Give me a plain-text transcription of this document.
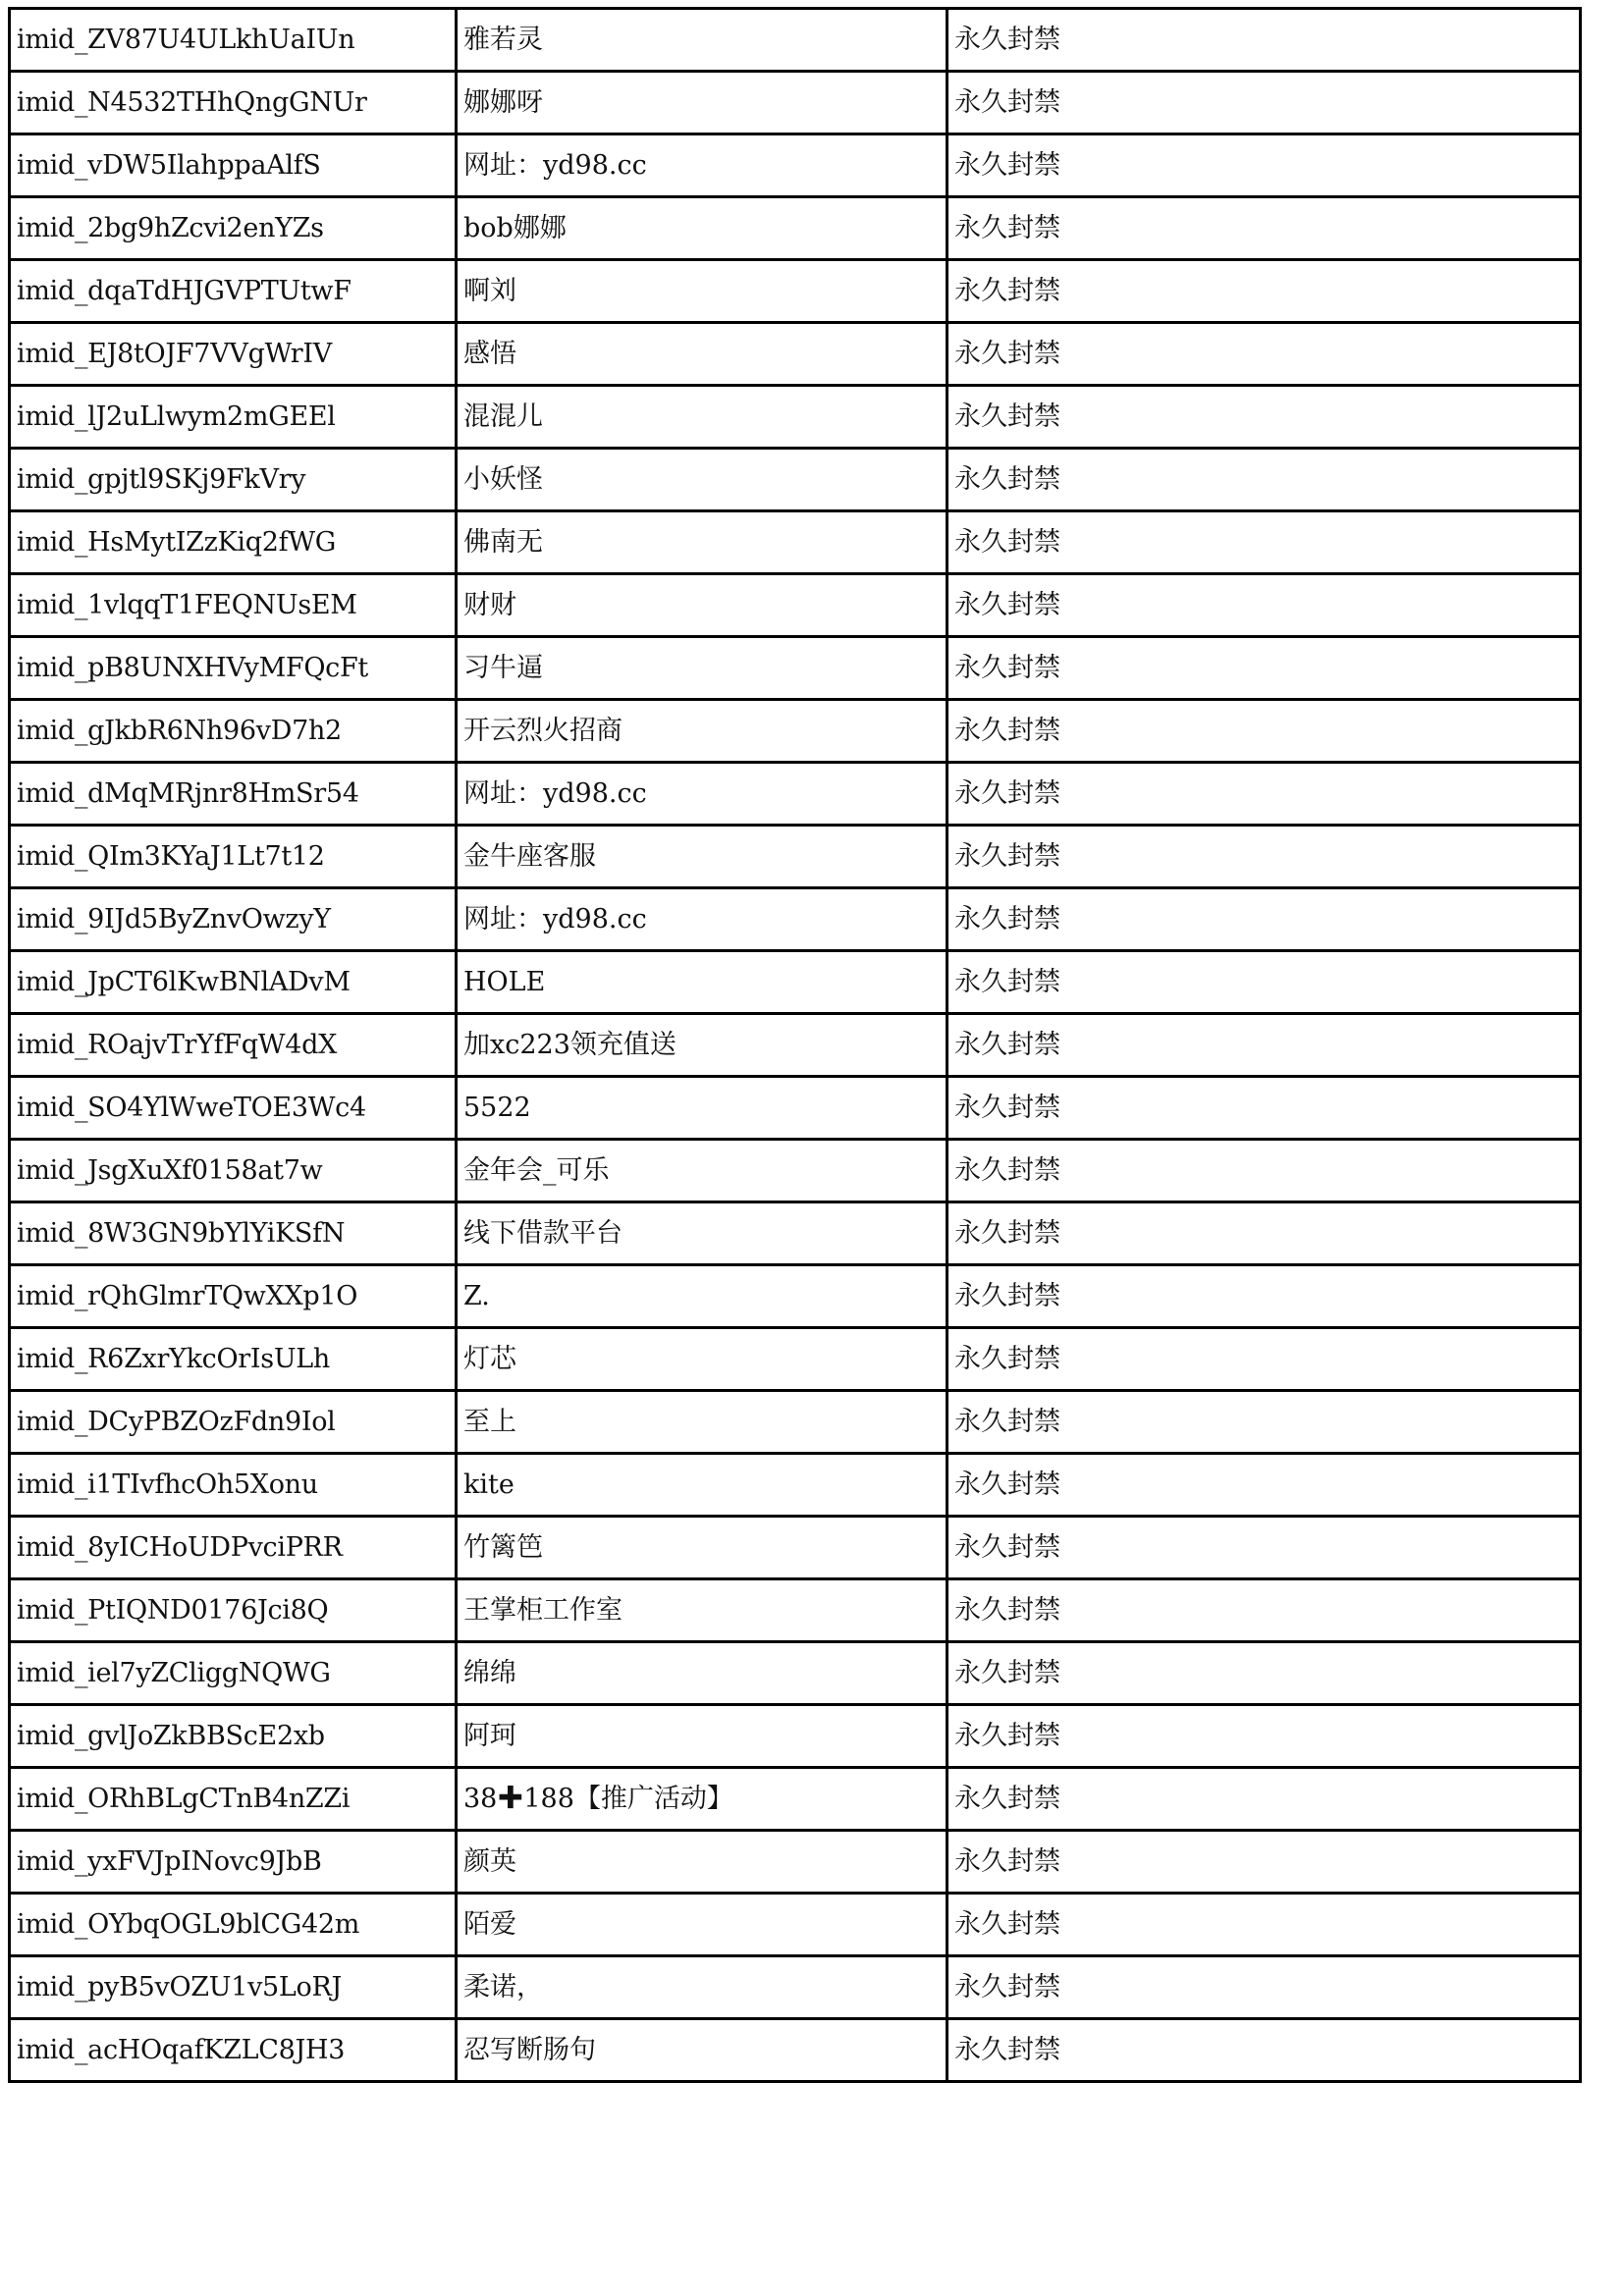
imid_ZV87U4ULkhUaIUn	雅若灵	永久封禁
imid_N4532THhQngGNUr	娜娜呀	永久封禁
imid_vDW5IlahppaAlfS	网址：yd98.cc	永久封禁
imid_2bg9hZcvi2enYZs	bob娜娜	永久封禁
imid_dqaTdHJGVPTUtwF	啊刘	永久封禁
imid_EJ8tOJF7VVgWrIV	感悟	永久封禁
imid_lJ2uLlwym2mGEEl	混混儿	永久封禁
imid_gpjtl9SKj9FkVry	小妖怪	永久封禁
imid_HsMytIZzKiq2fWG	佛南无	永久封禁
imid_1vlqqT1FEQNUsEM	财财	永久封禁
imid_pB8UNXHVyMFQcFt	习牛逼	永久封禁
imid_gJkbR6Nh96vD7h2	开云烈火招商	永久封禁
imid_dMqMRjnr8HmSr54	网址：yd98.cc	永久封禁
imid_QIm3KYaJ1Lt7t12	金牛座客服	永久封禁
imid_9IJd5ByZnvOwzyY	网址：yd98.cc	永久封禁
imid_JpCT6lKwBNlADvM	HOLE	永久封禁
imid_ROajvTrYfFqW4dX	加xc223领充值送	永久封禁
imid_SO4YlWweTOE3Wc4	5522	永久封禁
imid_JsgXuXf0158at7w	金年会_可乐	永久封禁
imid_8W3GN9bYlYiKSfN	线下借款平台	永久封禁
imid_rQhGlmrTQwXXp1O	Z.	永久封禁
imid_R6ZxrYkcOrIsULh	灯芯	永久封禁
imid_DCyPBZOzFdn9Iol	至上	永久封禁
imid_i1TIvfhcOh5Xonu	kite	永久封禁
imid_8yICHoUDPvciPRR	竹篱笆	永久封禁
imid_PtIQND0176Jci8Q	王掌柜工作室	永久封禁
imid_iel7yZCliggNQWG	绵绵	永久封禁
imid_gvlJoZkBBScE2xb	阿珂	永久封禁
imid_ORhBLgCTnB4nZZi	38✚188【推广活动】	永久封禁
imid_yxFVJpINovc9JbB	颜英	永久封禁
imid_OYbqOGL9blCG42m	陌爱	永久封禁
imid_pyB5vOZU1v5LoRJ	柔诺，	永久封禁
imid_acHOqafKZLC8JH3	忍写断肠句	永久封禁
